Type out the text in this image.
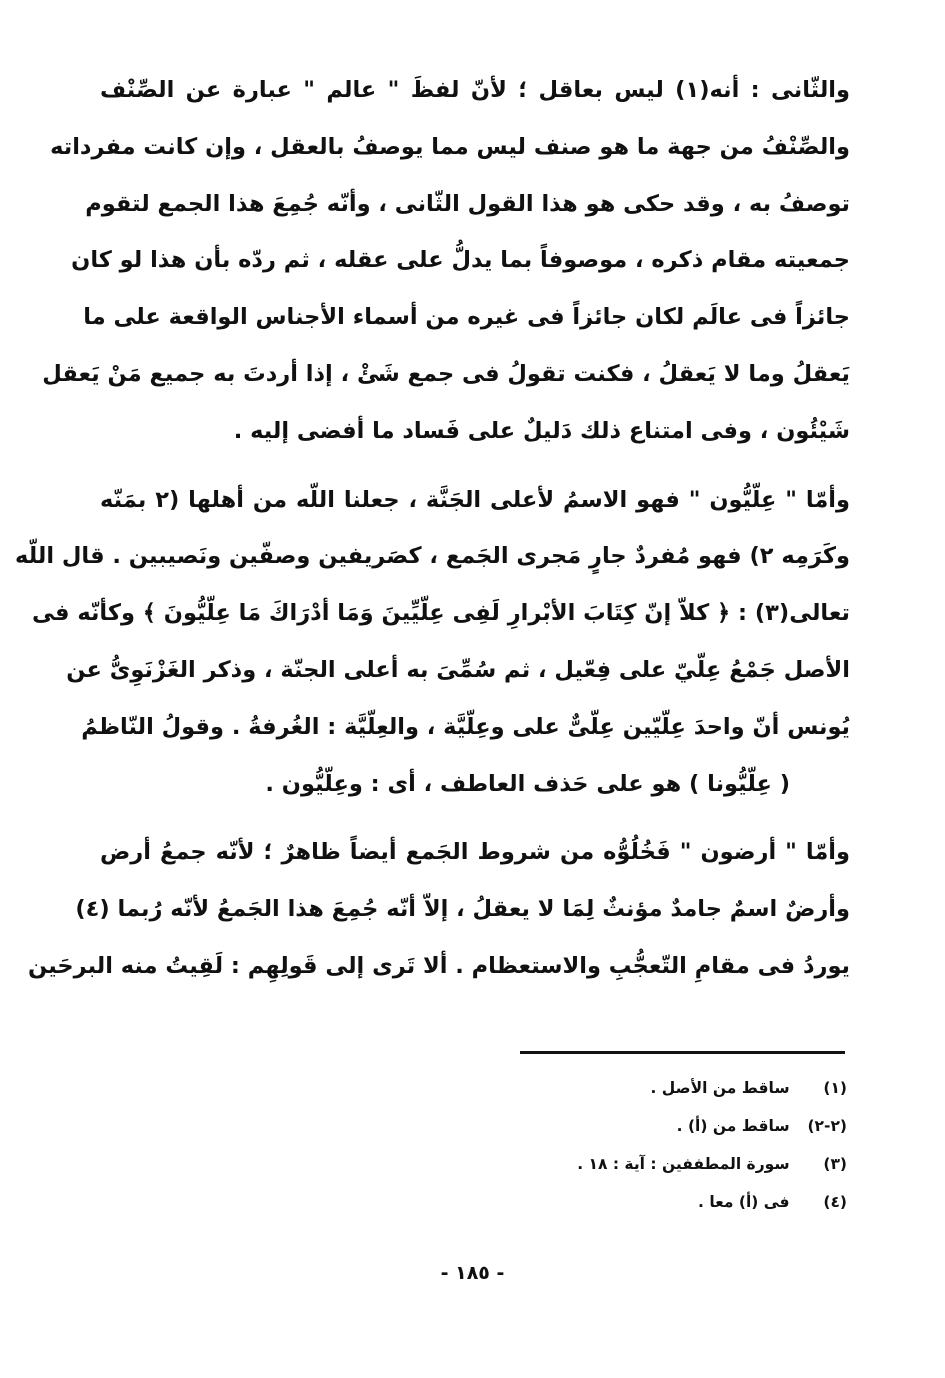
والثّانى : أنه(١) ليس بعاقل ؛ لأنّ لفظَ " عالم " عبارة عن الصِّنْف
والصِّنْفُ من جهة ما هو صنف ليس مما يوصفُ بالعقل ، وإن كانت مفرداته
توصفُ به ، وقد حكى هو هذا القول الثّانى ، وأنّه جُمِعَ هذا الجمع لتقوم
جمعيته مقام ذكره ، موصوفاً بما يدلُّ على عقله ، ثم ردّه بأن هذا لو كان
جائزاً فى عالَم لكان جائزاً فى غيره من أسماء الأجناس الواقعة على ما
يَعقلُ وما لا يَعقلُ ، فكنت تقولُ فى جمع شَئْ ، إذا أردتَ به جميع مَنْ يَعقل
شَيْئُون ، وفى امتناع ذلك دَليلٌ على فَساد ما أفضى إليه .
وأمّا " عِلّيُّون " فهو الاسمُ لأعلى الجَنَّة ، جعلنا اللّه من أهلها (٢ بمَنّه
وكَرَمِه ٢) فهو مُفردٌ جارٍ مَجرى الجَمع ، كصَريفين وصفّين ونَصيبين . قال اللّه
تعالى(٣) : ﴿ كلاّ إنّ كِتَابَ الأبْرارِ لَفِى عِلّيِّينَ وَمَا أدْرَاكَ مَا عِلّيُّونَ ﴾ وكأنّه فى
الأصل جَمْعُ عِلّيّ على فِعّيل ، ثم سُمِّىَ به أعلى الجنّة ، وذكر الغَزْنَوِىُّ عن
يُونس أنّ واحدَ عِلّيّين عِلّىٌّ على وعِلّيَّة ، والعِلّيَّة : الغُرفةُ . وقولُ النّاظمُ
( عِلّيُّونا ) هو على حَذف العاطف ، أى : وعِلّيُّون .
وأمّا " أرضون " فَخُلُوُّه من شروط الجَمع أيضاً ظاهرٌ ؛ لأنّه جمعُ أرض
وأرضٌ اسمٌ جامدٌ مؤنثٌ لِمَا لا يعقلُ ، إلاّ أنّه جُمِعَ هذا الجَمعُ لأنّه رُبما (٤)
يوردُ فى مقامِ التّعجُّبِ والاستعظام . ألا تَرى إلى قَولِهِم : لَقِيتُ منه البرحَين
(١) ساقط من الأصل .
(٢-٢) ساقط من (أ) .
(٣) سورة المطففين : آية : ١٨ .
(٤) فى (أ) معا .
- ١٨٥ -
